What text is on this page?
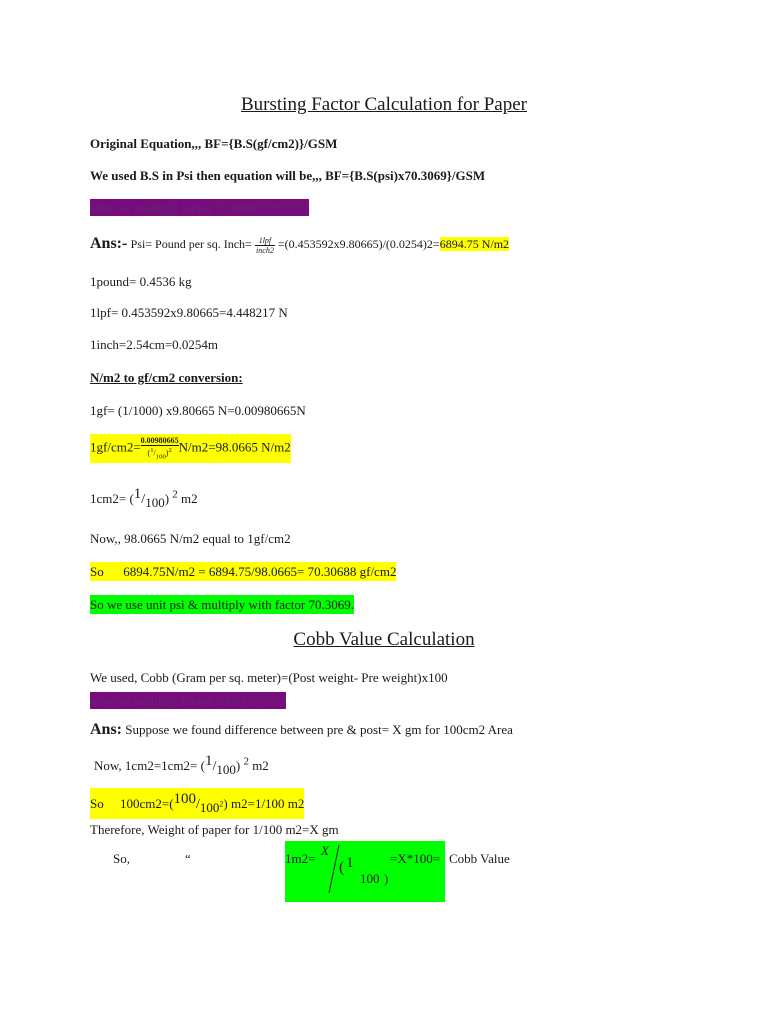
Bursting Factor Calculation for Paper
Original Equation,,, BF={B.S(gf/cm2)}/GSM
We used B.S in Psi then equation will be,,, BF={B.S(psi)x70.3069}/GSM
why we mulitply factor 70.3069?????????
Ans:- Psi= Pound per sq. Inch= $\frac{\text{1lpf}}{\text{inch2}} =(0.453592x9.80665)/(0.0254)2=6894.75$ N/m2
1pound= 0.4536 kg
1lpf= 0.453592x9.80665=4.448217 N
1inch=2.54cm=0.0254m
N/m2 to gf/cm2 conversion:
1gf= (1/1000) x9.80665 N=0.00980665N
$1gf/cm2= \frac{0.00980665}{(^1/_{100})^2} N/m2=98.0665$ N/m2
1cm2= (1/100) $^2$ m2
Now,, 98.0665 N/m2 equal to 1gf/cm2
So 6894.75N/m2 = 6894.75/98.0665= 70.30688 gf/cm2
So we use unit psi & multiply with factor 70.3069.
Cobb Value Calculation
We used, Cobb (Gram per sq. meter)=(Post weight- Pre weight)x100
why we mulitply factor 100?????????
Ans: Suppose we found difference between pre & post= X gm for 100cm2 Area
Now, 1cm2=1cm2= (1/100) $^2$ m2
So $100cm2=(100/100^2)$ m2=1/100 m2
Therefore, Weight of paper for 1/100 m2=X gm
So,	“	1m2=
X
( 1
100 )
=X*100= Cobb Value
